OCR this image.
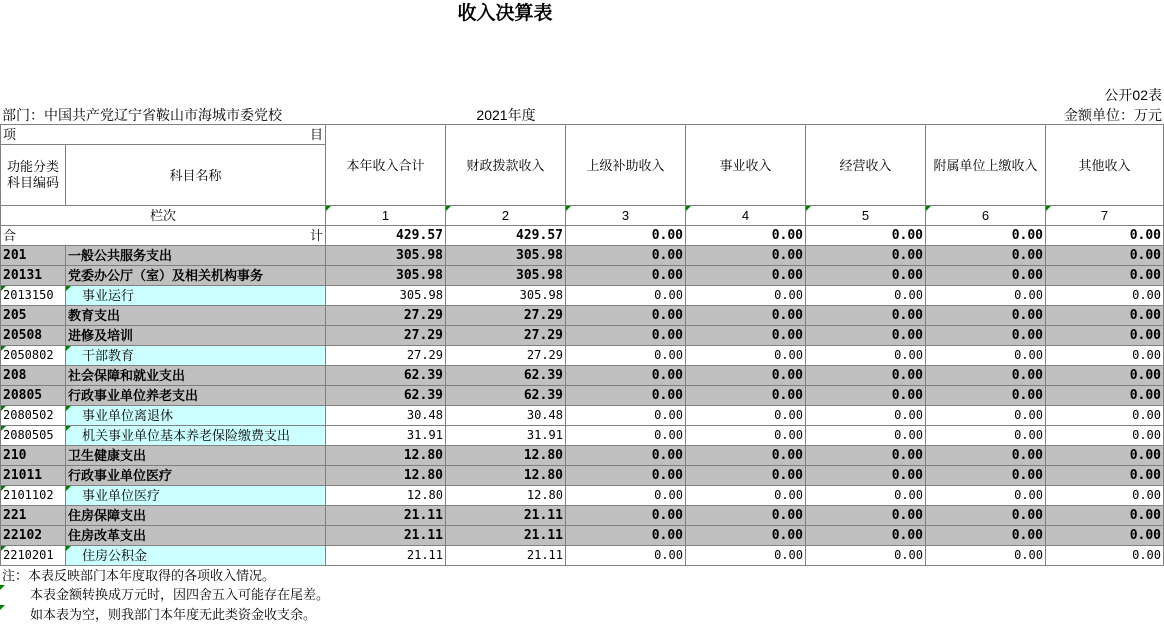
收入决算表
公开02表
部门：中国共产党辽宁省鞍山市海城市委党校	2021年度	金额单位：万元
项 目		本年收入合计	财政拨款收入	上级补助收入	事业收入	经营收入	附属单位上缴收入	其他收入

功能分类
科目编码	科目名称							
栏次		1	2	3	4	5	6	7

合 计		429.57	429.57	0.00	0.00	0.00	0.00	0.00
201	一般公共服务支出	305.98	305.98	0.00	0.00	0.00	0.00	0.00
20131	党委办公厅（室）及相关机构事务	305.98	305.98	0.00	0.00	0.00	0.00	0.00
2013150	事业运行	305.98	305.98	0.00	0.00	0.00	0.00	0.00
205	教育支出	27.29	27.29	0.00	0.00	0.00	0.00	0.00
20508	进修及培训	27.29	27.29	0.00	0.00	0.00	0.00	0.00
2050802	干部教育	27.29	27.29	0.00	0.00	0.00	0.00	0.00
208	社会保障和就业支出	62.39	62.39	0.00	0.00	0.00	0.00	0.00
20805	行政事业单位养老支出	62.39	62.39	0.00	0.00	0.00	0.00	0.00
2080502	事业单位离退休	30.48	30.48	0.00	0.00	0.00	0.00	0.00
2080505	机关事业单位基本养老保险缴费支出	31.91	31.91	0.00	0.00	0.00	0.00	0.00
210	卫生健康支出	12.80	12.80	0.00	0.00	0.00	0.00	0.00
21011	行政事业单位医疗	12.80	12.80	0.00	0.00	0.00	0.00	0.00
2101102	事业单位医疗	12.80	12.80	0.00	0.00	0.00	0.00	0.00
221	住房保障支出	21.11	21.11	0.00	0.00	0.00	0.00	0.00
22102	住房改革支出	21.11	21.11	0.00	0.00	0.00	0.00	0.00
2210201	住房公积金	21.11	21.11	0.00	0.00	0.00	0.00	0.00
注：本表反映部门本年度取得的各项收入情况。
本表金额转换成万元时，因四舍五入可能存在尾差。
如本表为空，则我部门本年度无此类资金收支余。
